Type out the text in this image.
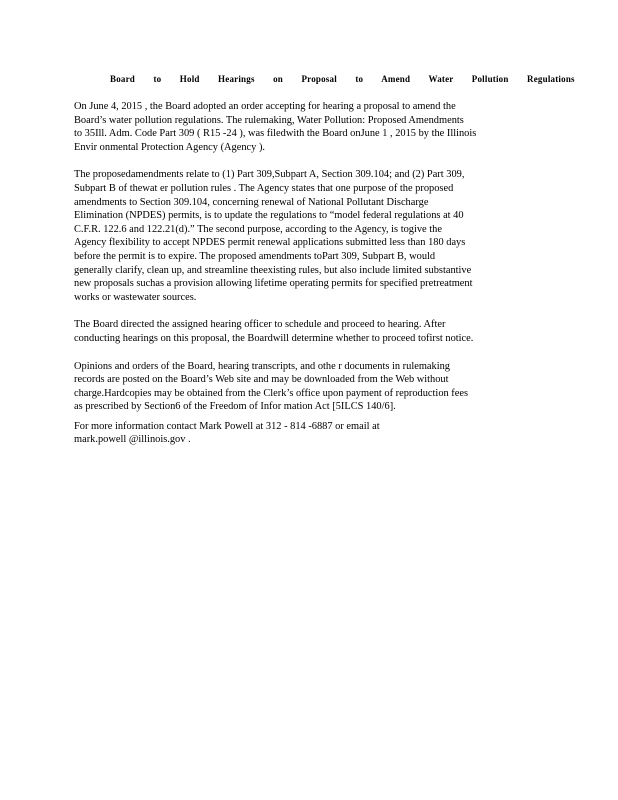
Board to Hold Hearings on Proposal to Amend Water Pollution Regulations

On June 4, 2015 , the Board adopted an order accepting for hearing a proposal to amend the
Board’s water pollution regulations. The rulemaking, Water Pollution: Proposed Amendments
to 35Ill. Adm. Code Part 309 ( R15 -24 ), was filedwith the Board onJune 1 , 2015 by the Illinois
Envir onmental Protection Agency (Agency ).

The proposedamendments relate to (1) Part 309,Subpart A, Section 309.104; and (2) Part 309,
Subpart B of thewat er pollution rules . The Agency states that one purpose of the proposed
amendments to Section 309.104, concerning renewal of National Pollutant Discharge
Elimination (NPDES) permits, is to update the regulations to “model federal regulations at 40
C.F.R. 122.6 and 122.21(d).” The second purpose, according to the Agency, is togive the
Agency flexibility to accept NPDES permit renewal applications submitted less than 180 days
before the permit is to expire. The proposed amendments toPart 309, Subpart B, would
generally clarify, clean up, and streamline theexisting rules, but also include limited substantive
new proposals suchas a provision allowing lifetime operating permits for specified pretreatment
works or wastewater sources.

The Board directed the assigned hearing officer to schedule and proceed to hearing. After
conducting hearings on this proposal, the Boardwill determine whether to proceed tofirst notice.

Opinions and orders of the Board, hearing transcripts, and othe r documents in rulemaking
records are posted on the Board’s Web site and may be downloaded from the Web without
charge.Hardcopies may be obtained from the Clerk’s office upon payment of reproduction fees
as prescribed by Section6 of the Freedom of Infor mation Act [5ILCS 140/6].

For more information contact Mark Powell at 312 - 814 -6887 or email at
mark.powell @illinois.gov .
